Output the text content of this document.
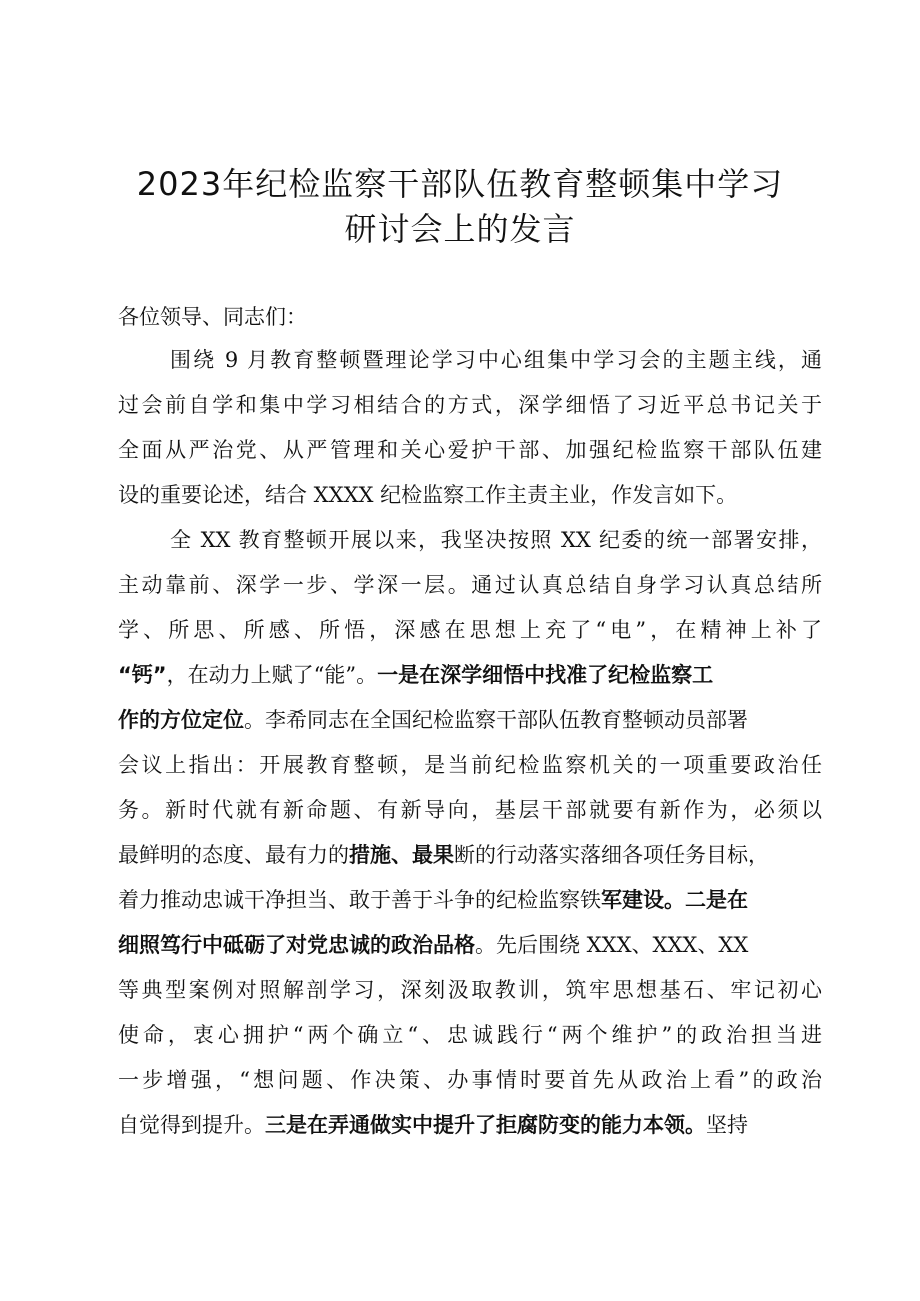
2023年纪检监察干部队伍教育整顿集中学习
研讨会上的发言
各位领导、同志们：
围绕 9 月教育整顿暨理论学习中心组集中学习会的主题主线，通
过会前自学和集中学习相结合的方式，深学细悟了习近平总书记关于
全面从严治党、从严管理和关心爱护干部、加强纪检监察干部队伍建
设的重要论述，结合 XXXX 纪检监察工作主责主业，作发言如下。
全 XX 教育整顿开展以来，我坚决按照 XX 纪委的统一部署安排，
主动靠前、深学一步、学深一层。通过认真总结自身学习认真总结所
学、所思、所感、所悟，深感在思想上充了“电”，在精神上补了
“钙”，在动力上赋了“能”。一是在深学细悟中找准了纪检监察工
作的方位定位。李希同志在全国纪检监察干部队伍教育整顿动员部署
会议上指出：开展教育整顿，是当前纪检监察机关的一项重要政治任
务。新时代就有新命题、有新导向，基层干部就要有新作为，必须以
最鲜明的态度、最有力的措施、最果断的行动落实落细各项任务目标，
着力推动忠诚干净担当、敢于善于斗争的纪检监察铁军建设。二是在
细照笃行中砥砺了对党忠诚的政治品格。先后围绕 XXX、XXX、XX
等典型案例对照解剖学习，深刻汲取教训，筑牢思想基石、牢记初心
使命，衷心拥护“两个确立“、忠诚践行“两个维护”的政治担当进
一步增强，“想问题、作决策、办事情时要首先从政治上看”的政治
自觉得到提升。三是在弄通做实中提升了拒腐防变的能力本领。坚持
